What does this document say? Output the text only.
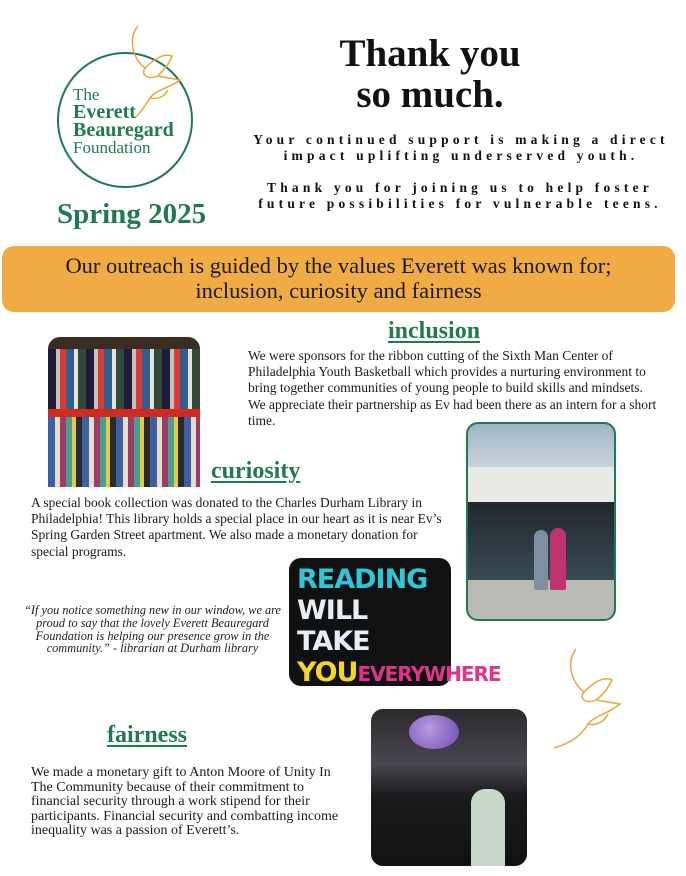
The
Everett
Beauregard
Foundation
Spring 2025
Thank you
so much.
Your continued support is making a direct impact uplifting underserved youth.
Thank you for joining us to help foster future possibilities for vulnerable teens.
Our outreach is guided by the values Everett was known for;
inclusion, curiosity and fairness
inclusion
We were sponsors for the ribbon cutting of the Sixth Man Center of Philadelphia Youth Basketball which provides a nurturing environment to bring together communities of young people to build skills and mindsets.
We appreciate their partnership as Ev had been there as an intern for a short time.
curiosity
A special book collection was donated to the Charles Durham Library in Philadelphia! This library holds a special place in our heart as it is near Ev’s Spring Garden Street apartment. We also made a monetary donation for special programs.
“If you notice something new in our window, we are proud to say that the lovely Everett Beauregard Foundation is helping our presence grow in the community.” - librarian at Durham library
READING
WILL TAKE
YOUEVERYWHERE
fairness
We made a monetary gift to Anton Moore of Unity In The Community because of their commitment to financial security through a work stipend for their participants. Financial security and combatting income inequality was a passion of Everett’s.
